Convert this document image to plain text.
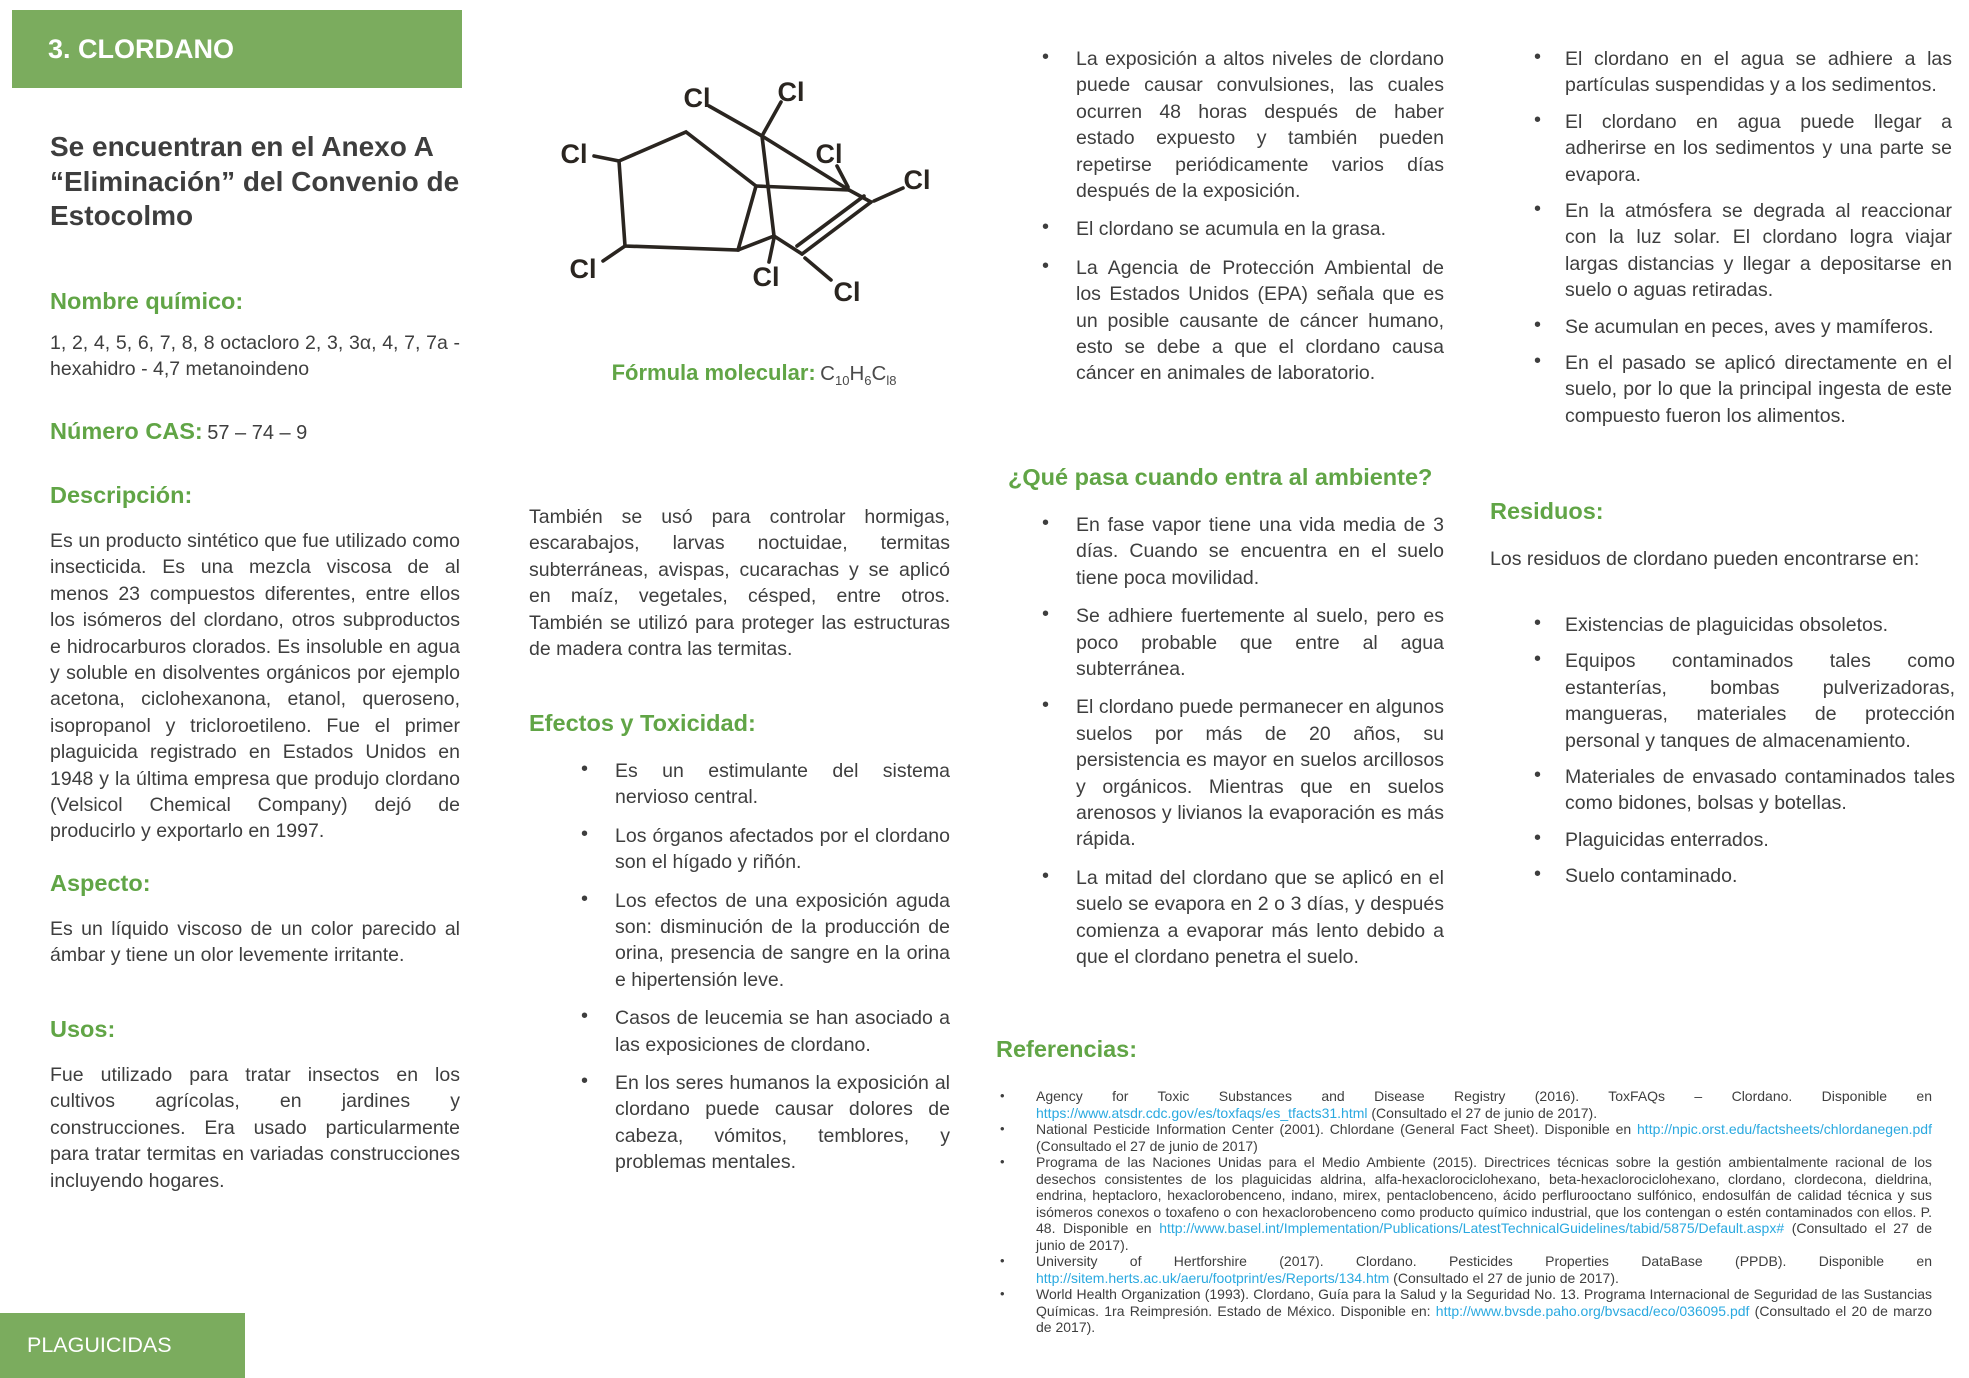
3. CLORDANO
Se encuentran en el Anexo A “Eliminación” del Convenio de Estocolmo
Nombre químico:
1, 2, 4, 5, 6, 7, 8, 8 octacloro 2, 3, 3α, 4, 7, 7a -hexahidro - 4,7 metanoindeno
Número CAS: 57 – 74 – 9
Descripción:
Es un producto sintético que fue utilizado como insecticida. Es una mezcla viscosa de al menos 23 compuestos diferentes, entre ellos los isómeros del clordano, otros subproductos e hidrocarburos clorados. Es insoluble en agua y soluble en disolventes orgánicos por ejemplo acetona, ciclohexanona, etanol, queroseno, isopropanol y tricloroetileno. Fue el primer plaguicida registrado en Estados Unidos en 1948 y la última empresa que produjo clordano (Velsicol Chemical Company) dejó de producirlo y exportarlo en 1997.
Aspecto:
Es un líquido viscoso de un color parecido al ámbar y tiene un olor levemente irritante.
Usos:
Fue utilizado para tratar insectos en los cultivos agrícolas, en jardines y construcciones. Era usado particularmente para tratar termitas en variadas construcciones incluyendo hogares.
Cl Cl
Cl
Cl
Cl
Cl
Cl Cl
Fórmula molecular: $C_{10}H_6C_{l8}$
También se usó para controlar hormigas, escarabajos, larvas noctuidae, termitas subterráneas, avispas, cucarachas y se aplicó en maíz, vegetales, césped, entre otros. También se utilizó para proteger las estructuras de madera contra las termitas.
Efectos y Toxicidad:
•	Es un estimulante del sistema nervioso central.
•	Los órganos afectados por el clordano son el hígado y riñón.
•	Los efectos de una exposición aguda son: disminución de la producción de orina, presencia de sangre en la orina e hipertensión leve.
•	Casos de leucemia se han asociado a las exposiciones de clordano.
•	En los seres humanos la exposición al clordano puede causar dolores de cabeza, vómitos, temblores, y problemas mentales.
•	La exposición a altos niveles de clordano puede causar convulsiones, las cuales ocurren 48 horas después de haber estado expuesto y también pueden repetirse periódicamente varios días después de la exposición.
•	El clordano se acumula en la grasa.
•	La Agencia de Protección Ambiental de los Estados Unidos (EPA) señala que es un posible causante de cáncer humano, esto se debe a que el clordano causa cáncer en animales de laboratorio.
¿Qué pasa cuando entra al ambiente?
•	En fase vapor tiene una vida media de 3 días. Cuando se encuentra en el suelo tiene poca movilidad.
•	Se adhiere fuertemente al suelo, pero es poco probable que entre al agua subterránea.
•	El clordano puede permanecer en algunos suelos por más de 20 años, su persistencia es mayor en suelos arcillosos y orgánicos. Mientras que en suelos arenosos y livianos la evaporación es más rápida.
•	La mitad del clordano que se aplicó en el suelo se evapora en 2 o 3 días, y después comienza a evaporar más lento debido a que el clordano penetra el suelo.
Referencias:
•	Agency for Toxic Substances and Disease Registry (2016). ToxFAQs – Clordano. Disponible en https://www.atsdr.cdc.gov/es/toxfaqs/es_tfacts31.html (Consultado el 27 de junio de 2017).
•	National Pesticide Information Center (2001). Chlordane (General Fact Sheet). Disponible en http://npic.orst.edu/factsheets/chlordanegen.pdf (Consultado el 27 de junio de 2017)
•	Programa de las Naciones Unidas para el Medio Ambiente (2015). Directrices técnicas sobre la gestión ambientalmente racional de los desechos consistentes de los plaguicidas aldrina, alfa-hexaclorociclohexano, beta-hexaclorociclohexano, clordano, clordecona, dieldrina, endrina, heptacloro, hexaclorobenceno, indano, mirex, pentaclobenceno, ácido perflurooctano sulfónico, endosulfán de calidad técnica y sus isómeros conexos o toxafeno o con hexaclorobenceno como producto químico industrial, que los contengan o estén contaminados con ellos. P. 48. Disponible en http://www.basel.int/Implementation/Publications/LatestTechnicalGuidelines/tabid/5875/Default.aspx# (Consultado el 27 de junio de 2017).
•	University of Hertforshire (2017). Clordano. Pesticides Properties DataBase (PPDB). Disponible en http://sitem.herts.ac.uk/aeru/footprint/es/Reports/134.htm (Consultado el 27 de junio de 2017).
•	World Health Organization (1993). Clordano, Guía para la Salud y la Seguridad No. 13. Programa Internacional de Seguridad de las Sustancias Químicas. 1ra Reimpresión. Estado de México. Disponible en: http://www.bvsde.paho.org/bvsacd/eco/036095.pdf (Consultado el 20 de marzo de 2017).
•	El clordano en el agua se adhiere a las partículas suspendidas y a los sedimentos.
•	El clordano en agua puede llegar a adherirse en los sedimentos y una parte se evapora.
•	En la atmósfera se degrada al reaccionar con la luz solar. El clordano logra viajar largas distancias y llegar a depositarse en suelo o aguas retiradas.
•	Se acumulan en peces, aves y mamíferos.
•	En el pasado se aplicó directamente en el suelo, por lo que la principal ingesta de este compuesto fueron los alimentos.
Residuos:
Los residuos de clordano pueden encontrarse en:
•	Existencias de plaguicidas obsoletos.
•	Equipos contaminados tales como estanterías, bombas pulverizadoras, mangueras, materiales de protección personal y tanques de almacenamiento.
•	Materiales de envasado contaminados tales como bidones, bolsas y botellas.
•	Plaguicidas enterrados.
•	Suelo contaminado.
PLAGUICIDAS
